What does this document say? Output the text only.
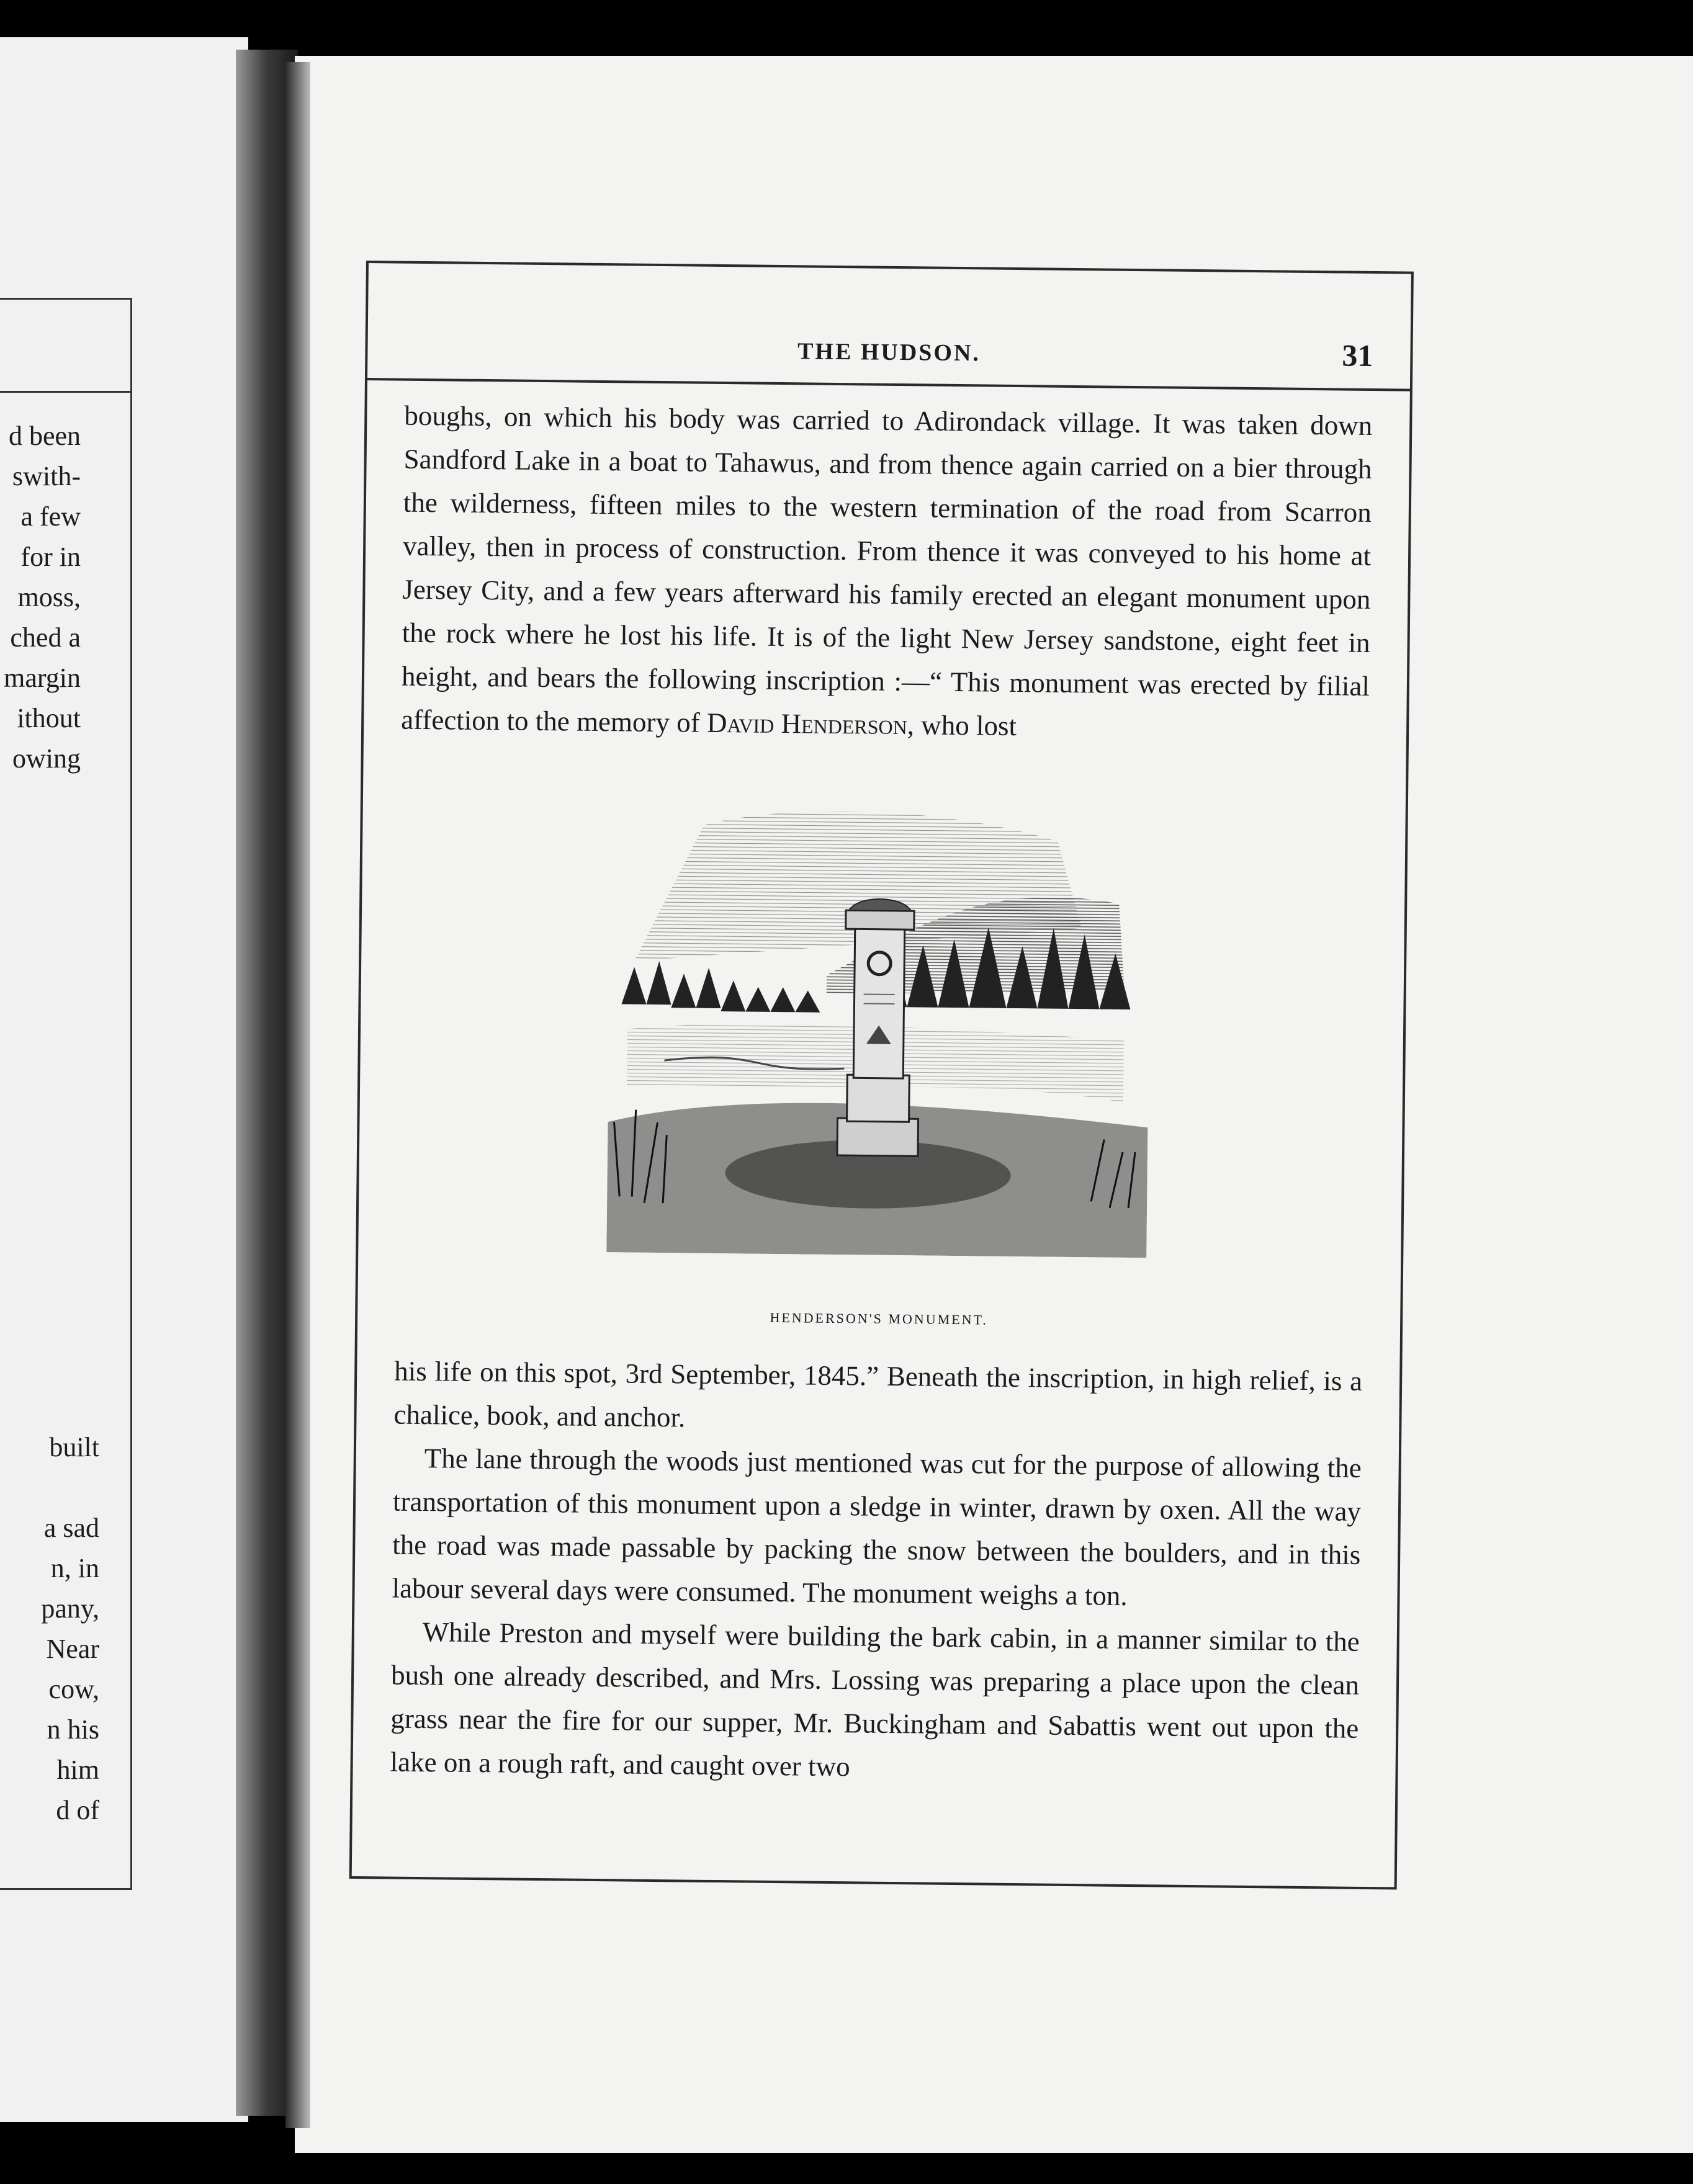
d been
swith-
a few
for in
moss,
ched a
margin
ithout
owing
built

a sad
n, in
pany,
Near
cow,
n his
him
d of
THE HUDSON.	31
boughs, on which his body was carried to Adirondack village. It was taken down Sandford Lake in a boat to Tahawus, and from thence again carried on a bier through the wilderness, fifteen miles to the western termination of the road from Scarron valley, then in process of construction. From thence it was conveyed to his home at Jersey City, and a few years afterward his family erected an elegant monument upon the rock where he lost his life. It is of the light New Jersey sandstone, eight feet in height, and bears the following inscription :—“ This monument was erected by filial affection to the memory of David Henderson, who lost
HENDERSON'S MONUMENT.

his life on this spot, 3rd September, 1845.” Beneath the inscription, in high relief, is a chalice, book, and anchor.

The lane through the woods just mentioned was cut for the purpose of allowing the transportation of this monument upon a sledge in winter, drawn by oxen. All the way the road was made passable by packing the snow between the boulders, and in this labour several days were consumed. The monument weighs a ton.

While Preston and myself were building the bark cabin, in a manner similar to the bush one already described, and Mrs. Lossing was preparing a place upon the clean grass near the fire for our supper, Mr. Buckingham and Sabattis went out upon the lake on a rough raft, and caught over two
